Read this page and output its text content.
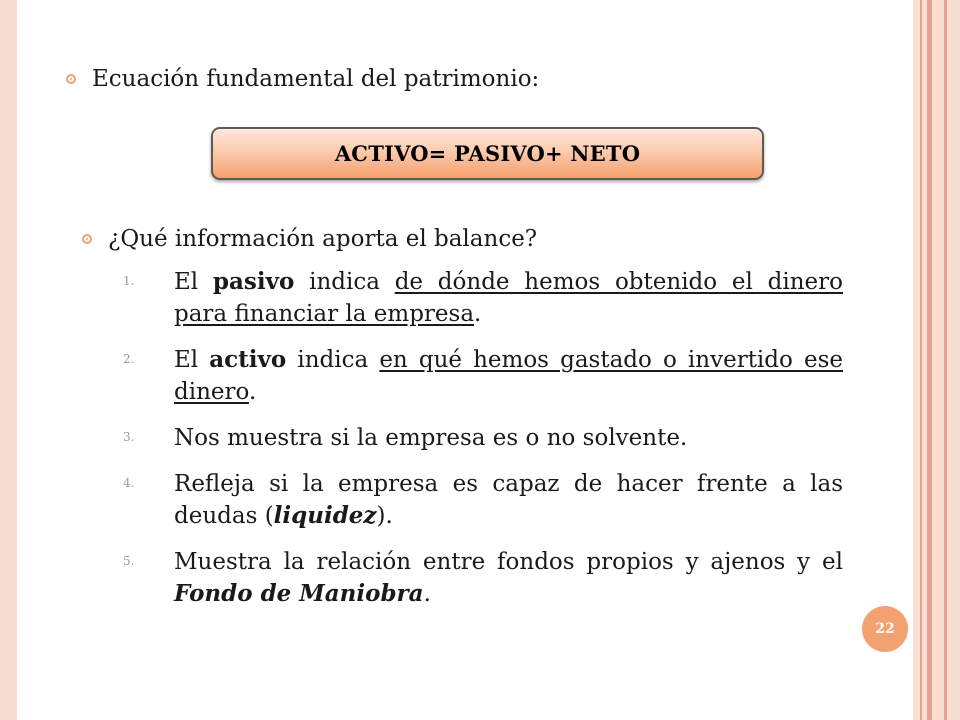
Ecuación fundamental del patrimonio:
ACTIVO= PASIVO+ NETO
¿Qué información aporta el balance?
1. El pasivo indica de dónde hemos obtenido el dinero para financiar la empresa.
2. El activo indica en qué hemos gastado o invertido ese dinero.
3. Nos muestra si la empresa es o no solvente.
4. Refleja si la empresa es capaz de hacer frente a las deudas (liquidez).
5. Muestra la relación entre fondos propios y ajenos y el Fondo de Maniobra.
22
